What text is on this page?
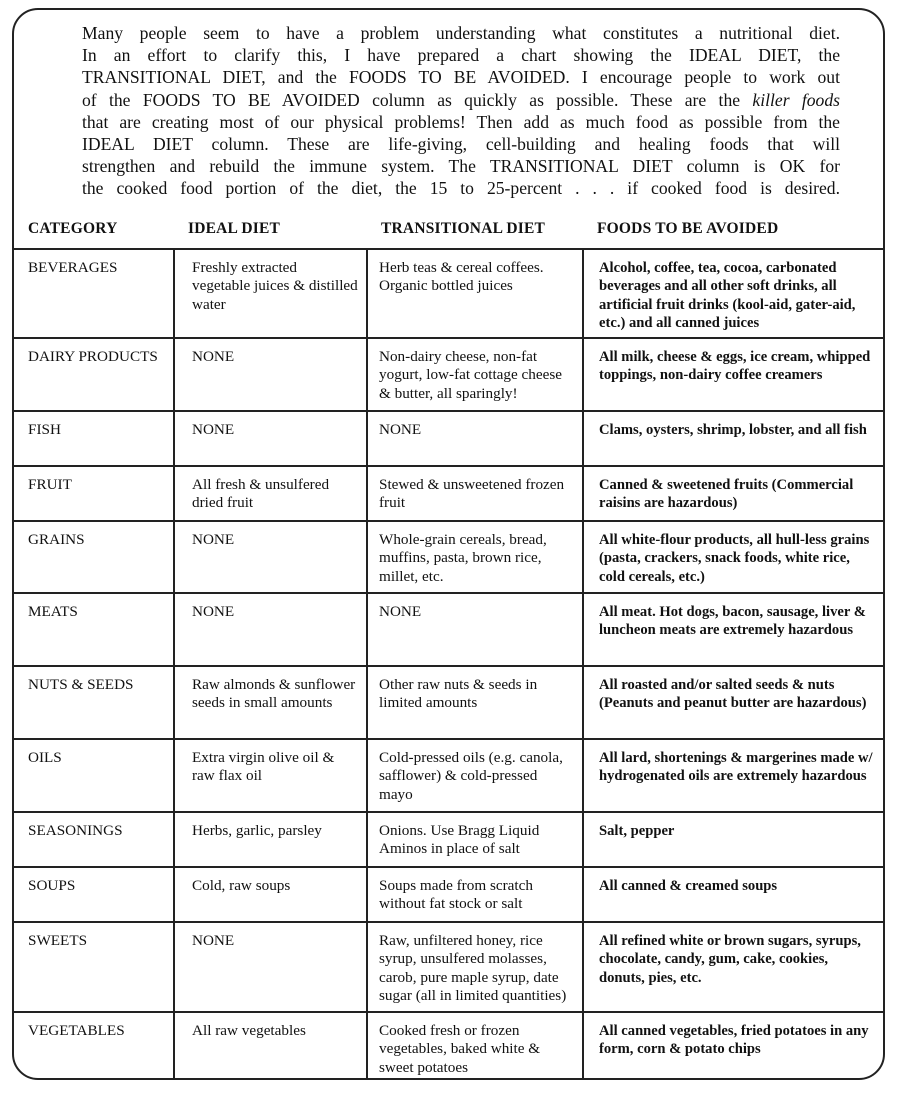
Many people seem to have a problem understanding what constitutes a nutritional diet.
In an effort to clarify this, I have prepared a chart showing the IDEAL DIET, the
TRANSITIONAL DIET, and the FOODS TO BE AVOIDED. I encourage people to work out
of the FOODS TO BE AVOIDED column as quickly as possible. These are the killer foods
that are creating most of our physical problems! Then add as much food as possible from the
IDEAL DIET column. These are life-giving, cell-building and healing foods that will
strengthen and rebuild the immune system. The TRANSITIONAL DIET column is OK for
the cooked food portion of the diet, the 15 to 25-percent . . . if cooked food is desired.
CATEGORY	IDEAL DIET	TRANSITIONAL DIET	FOODS TO BE AVOIDED
BEVERAGES	Freshly extracted vegetable juices & distilled water	Herb teas & cereal coffees. Organic bottled juices	Alcohol, coffee, tea, cocoa, carbonated beverages and all other soft drinks, all artificial fruit drinks (kool-aid, gater-aid, etc.) and all canned juices
DAIRY PRODUCTS	NONE	Non-dairy cheese, non-fat yogurt, low-fat cottage cheese & butter, all sparingly!	All milk, cheese & eggs, ice cream, whipped toppings, non-dairy coffee creamers
FISH	NONE	NONE	Clams, oysters, shrimp, lobster, and all fish
FRUIT	All fresh & unsulfered dried fruit	Stewed & unsweetened frozen fruit	Canned & sweetened fruits (Commercial raisins are hazardous)
GRAINS	NONE	Whole-grain cereals, bread, muffins, pasta, brown rice, millet, etc.	All white-flour products, all hull-less grains (pasta, crackers, snack foods, white rice, cold cereals, etc.)
MEATS	NONE	NONE	All meat. Hot dogs, bacon, sausage, liver & luncheon meats are extremely hazardous
NUTS & SEEDS	Raw almonds & sunflower seeds in small amounts	Other raw nuts & seeds in limited amounts	All roasted and/or salted seeds & nuts (Peanuts and peanut butter are hazardous)
OILS	Extra virgin olive oil & raw flax oil	Cold-pressed oils (e.g. canola, safflower) & cold-pressed mayo	All lard, shortenings & margerines made w/ hydrogenated oils are extremely hazardous
SEASONINGS	Herbs, garlic, parsley	Onions. Use Bragg Liquid Aminos in place of salt	Salt, pepper
SOUPS	Cold, raw soups	Soups made from scratch without fat stock or salt	All canned & creamed soups
SWEETS	NONE	Raw, unfiltered honey, rice syrup, unsulfered molasses, carob, pure maple syrup, date sugar (all in limited quantities)	All refined white or brown sugars, syrups, chocolate, candy, gum, cake, cookies, donuts, pies, etc.
VEGETABLES	All raw vegetables	Cooked fresh or frozen vegetables, baked white & sweet potatoes	All canned vegetables, fried potatoes in any form, corn & potato chips
